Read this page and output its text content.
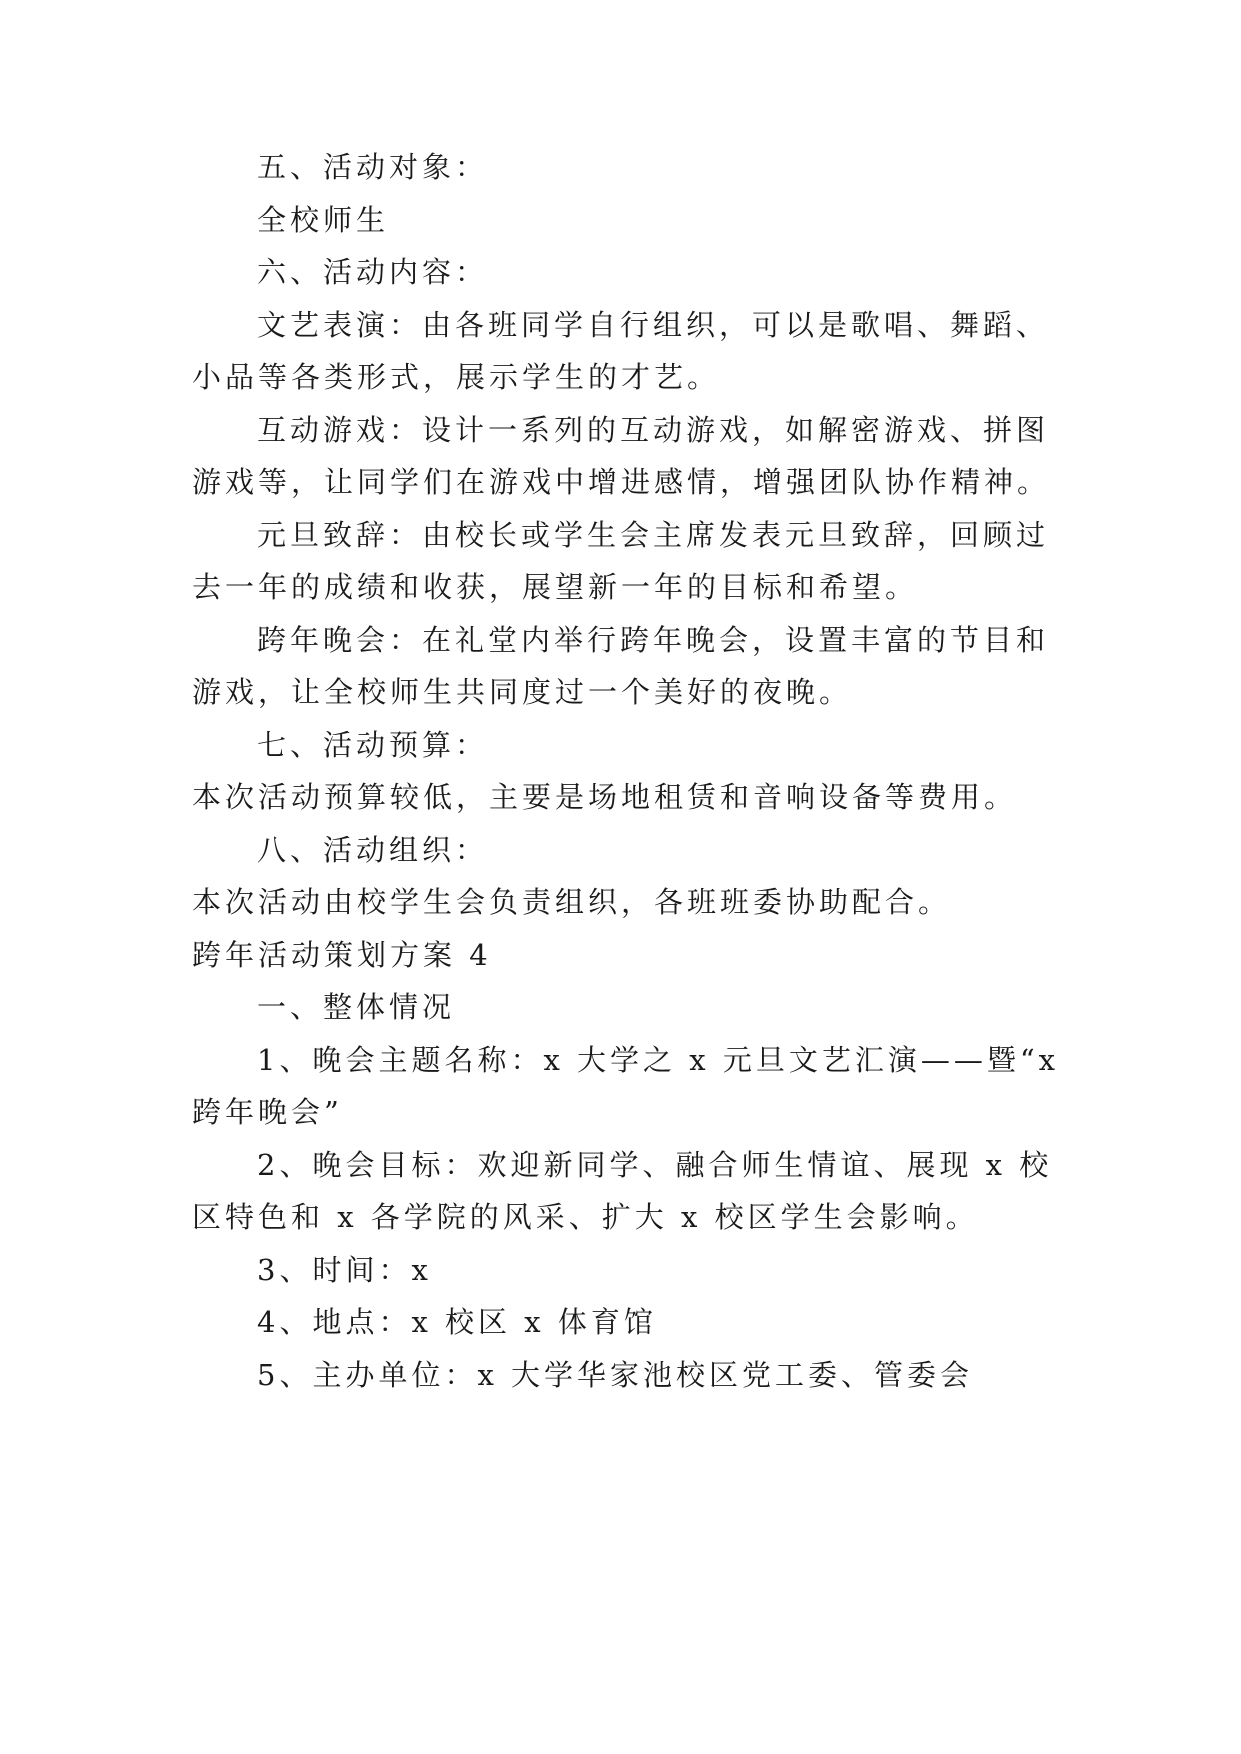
五、活动对象：
全校师生
六、活动内容：
文艺表演：由各班同学自行组织，可以是歌唱、舞蹈、
小品等各类形式，展示学生的才艺。
互动游戏：设计一系列的互动游戏，如解密游戏、拼图
游戏等，让同学们在游戏中增进感情，增强团队协作精神。
元旦致辞：由校长或学生会主席发表元旦致辞，回顾过
去一年的成绩和收获，展望新一年的目标和希望。
跨年晚会：在礼堂内举行跨年晚会，设置丰富的节目和
游戏，让全校师生共同度过一个美好的夜晚。
七、活动预算：
本次活动预算较低，主要是场地租赁和音响设备等费用。
八、活动组织：
本次活动由校学生会负责组织，各班班委协助配合。
跨年活动策划方案 4
一、整体情况
1、晚会主题名称：x 大学之 x 元旦文艺汇演——暨“x
跨年晚会”
2、晚会目标：欢迎新同学、融合师生情谊、展现 x 校
区特色和 x 各学院的风采、扩大 x 校区学生会影响。
3、时间：x
4、地点：x 校区 x 体育馆
5、主办单位：x 大学华家池校区党工委、管委会
